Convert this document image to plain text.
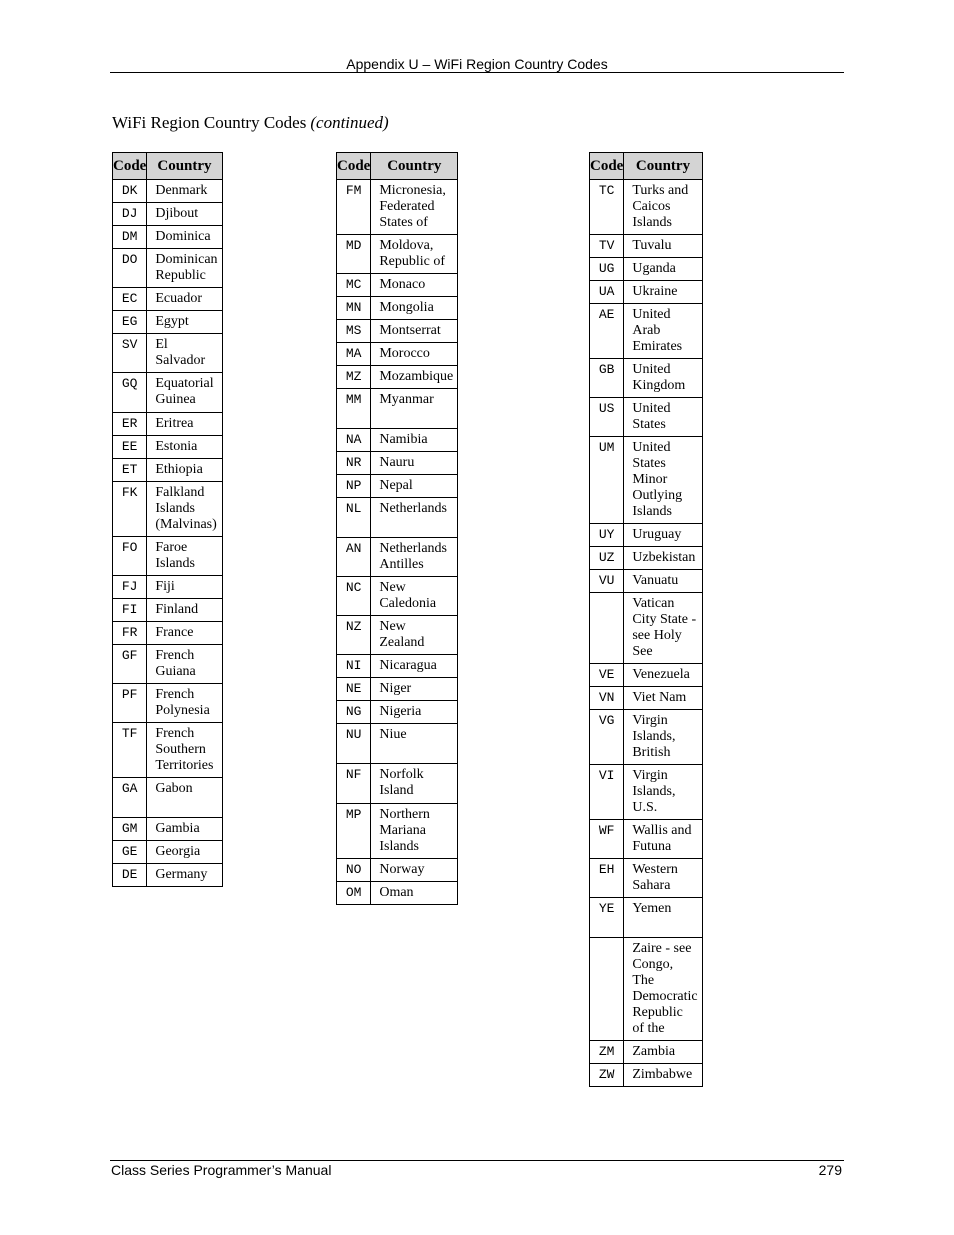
Appendix U – WiFi Region Country Codes
WiFi Region Country Codes (continued)
Code	Country
DK	Denmark
DJ	Djibout
DM	Dominica
DO	Dominican Republic
EC	Ecuador
EG	Egypt
SV	El Salvador
GQ	Equatorial Guinea
ER	Eritrea
EE	Estonia
ET	Ethiopia
FK	Falkland Islands (Malvinas)
FO	Faroe Islands
FJ	Fiji
FI	Finland
FR	France
GF	French Guiana
PF	French Polynesia
TF	French Southern Territories
GA	Gabon
GM	Gambia
GE	Georgia
DE	Germany
Code	Country
FM	Micronesia, Federated States of
MD	Moldova, Republic of
MC	Monaco
MN	Mongolia
MS	Montserrat
MA	Morocco
MZ	Mozambique
MM	Myanmar
NA	Namibia
NR	Nauru
NP	Nepal
NL	Netherlands
AN	Netherlands Antilles
NC	New Caledonia
NZ	New Zealand
NI	Nicaragua
NE	Niger
NG	Nigeria
NU	Niue
NF	Norfolk Island
MP	Northern Mariana Islands
NO	Norway
OM	Oman
Code	Country
TC	Turks and Caicos Islands
TV	Tuvalu
UG	Uganda
UA	Ukraine
AE	United Arab Emirates
GB	United Kingdom
US	United States
UM	United States Minor Outlying Islands
UY	Uruguay
UZ	Uzbekistan
VU	Vanuatu
	Vatican City State - see Holy See
VE	Venezuela
VN	Viet Nam
VG	Virgin Islands, British
VI	Virgin Islands, U.S.
WF	Wallis and Futuna
EH	Western Sahara
YE	Yemen
	Zaire - see Congo, The Democratic Republic of the
ZM	Zambia
ZW	Zimbabwe
Class Series Programmer’s Manual	279
